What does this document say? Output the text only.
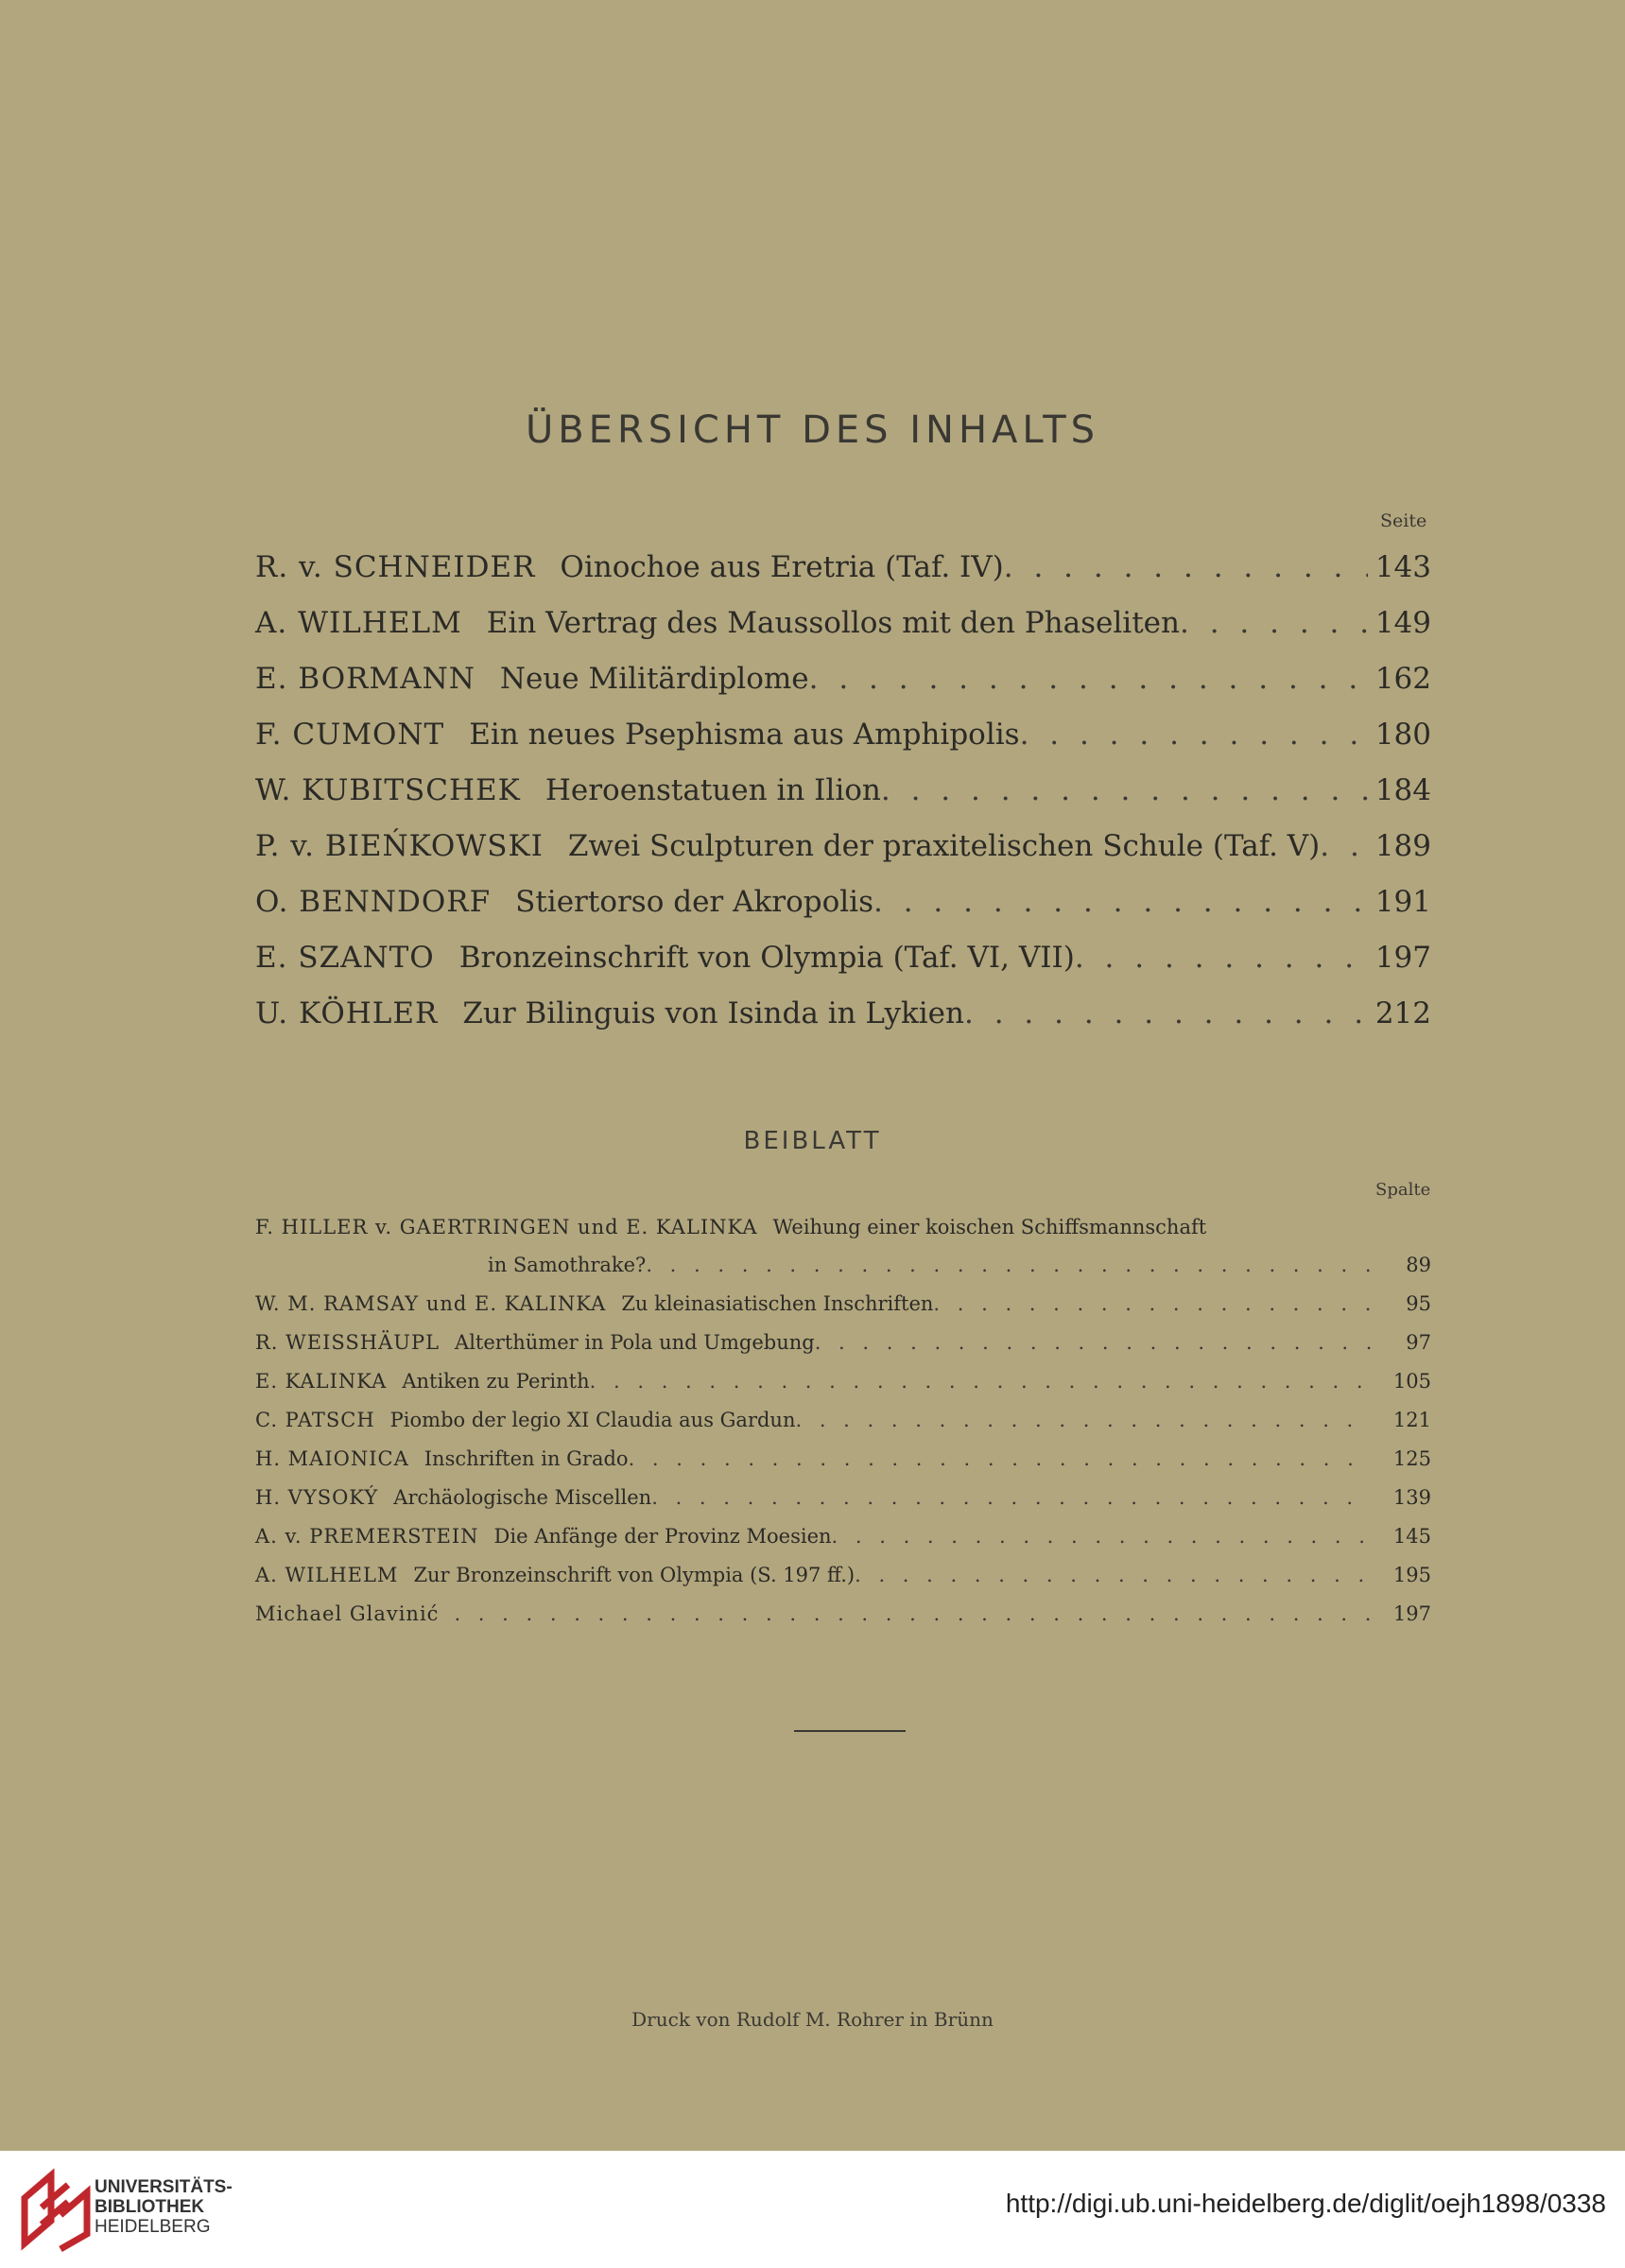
ÜBERSICHT DES INHALTS
Seite
R. v. SCHNEIDER Oinochoe aus Eretria (Taf. IV) . . .	143
A. WILHELM Ein Vertrag des Maussollos mit den Phaseliten . . .	149
E. BORMANN Neue Militärdiplome . . .	162
F. CUMONT Ein neues Psephisma aus Amphipolis . . .	180
W. KUBITSCHEK Heroenstatuen in Ilion . . .	184
P. v. BIEŃKOWSKI Zwei Sculpturen der praxitelischen Schule (Taf. V) . . . 189
O. BENNDORF Stiertorso der Akropolis . . .	191
E. SZANTO Bronzeinschrift von Olympia (Taf. VI, VII) . . .	197
U. KÖHLER Zur Bilinguis von Isinda in Lykien . . .	212
BEIBLATT
Spalte
F. HILLER v. GAERTRINGEN und E. KALINKA Weihung einer koischen Schiffsmannschaft
in Samothrake? . . .	89
W. M. RAMSAY und E. KALINKA Zu kleinasiatischen Inschriften . . .	95
R. WEISSHÄUPL Alterthümer in Pola und Umgebung . . .	97
E. KALINKA Antiken zu Perinth . . .	105
C. PATSCH Piombo der legio XI Claudia aus Gardun . . .	121
H. MAIONICA Inschriften in Grado . . .	125
H. VYSOKÝ Archäologische Miscellen . . .	139
A. v. PREMERSTEIN Die Anfänge der Provinz Moesien . . .	145
A. WILHELM Zur Bronzeinschrift von Olympia (S. 197 ff.) . . .	195
Michael Glavinić . . .	197
Druck von Rudolf M. Rohrer in Brünn
UNIVERSITÄTS-
BIBLIOTHEK
HEIDELBERG
http://digi.ub.uni-heidelberg.de/diglit/oejh1898/0338
